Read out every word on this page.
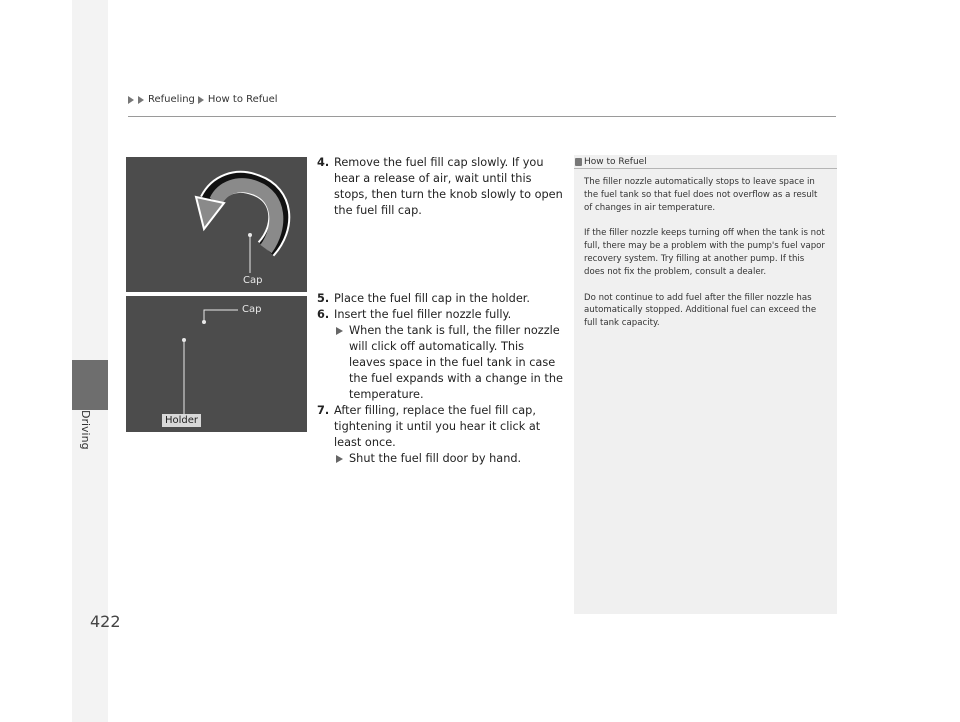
Refueling How to Refuel
Driving
Cap
Cap
Holder
4. Remove the fuel fill cap slowly. If you hear a release of air, wait until this stops, then turn the knob slowly to open the fuel fill cap.
5. Place the fuel fill cap in the holder.
6. Insert the fuel filler nozzle fully.
When the tank is full, the filler nozzle will click off automatically. This leaves space in the fuel tank in case the fuel expands with a change in the temperature.
7. After filling, replace the fuel fill cap, tightening it until you hear it click at least once.
Shut the fuel fill door by hand.
How to Refuel

The filler nozzle automatically stops to leave space in the fuel tank so that fuel does not overflow as a result of changes in air temperature.

If the filler nozzle keeps turning off when the tank is not full, there may be a problem with the pump's fuel vapor recovery system. Try filling at another pump. If this does not fix the problem, consult a dealer.

Do not continue to add fuel after the filler nozzle has automatically stopped. Additional fuel can exceed the full tank capacity.

422
